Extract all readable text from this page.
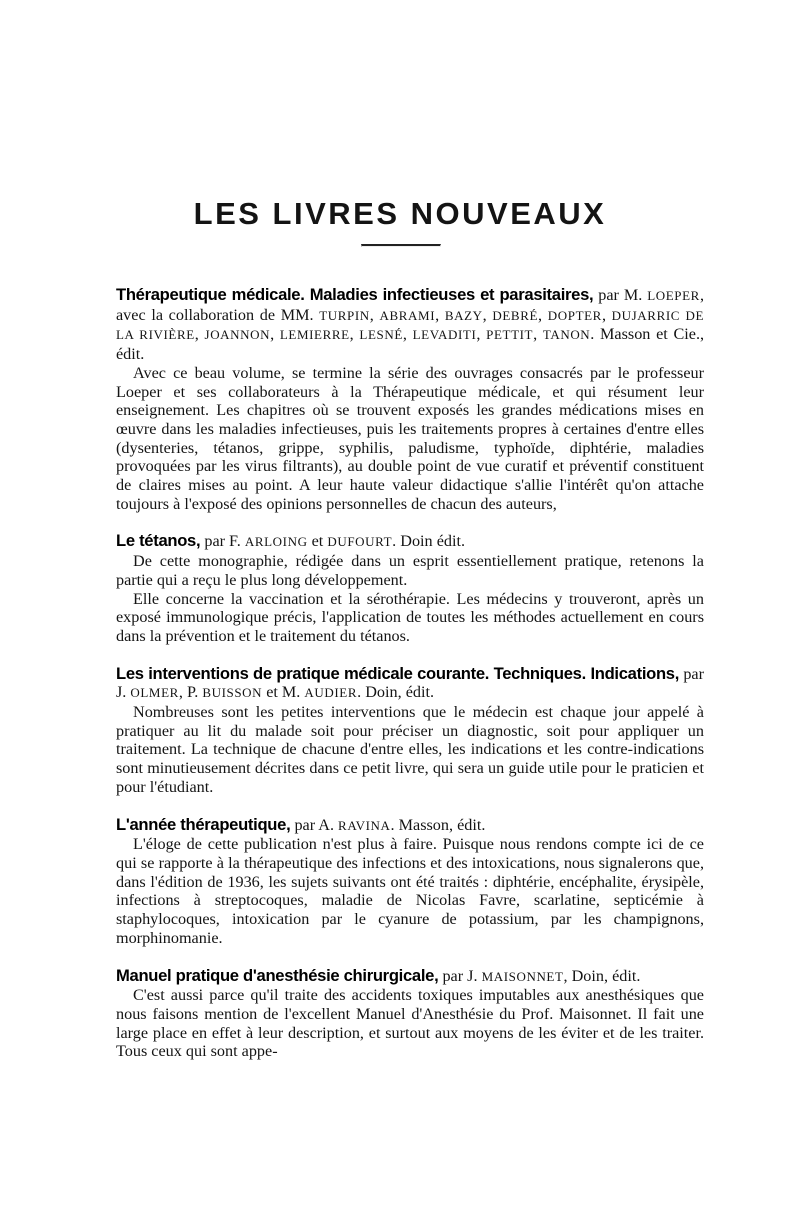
LES LIVRES NOUVEAUX

Thérapeutique médicale. Maladies infectieuses et parasitaires, par M. LOEPER, avec la collaboration de MM. TURPIN, ABRAMI, BAZY, DEBRÉ, DOPTER, DUJARRIC DE LA RIVIÈRE, JOANNON, LEMIERRE, LESNÉ, LEVADITI, PETTIT, TANON. Masson et Cie., édit.

Avec ce beau volume, se termine la série des ouvrages consacrés par le professeur Loeper et ses collaborateurs à la Thérapeutique médicale, et qui résument leur enseignement. Les chapitres où se trouvent exposés les grandes médications mises en œuvre dans les maladies infectieuses, puis les traitements propres à certaines d'entre elles (dysenteries, tétanos, grippe, syphilis, paludisme, typhoïde, diphtérie, maladies provoquées par les virus filtrants), au double point de vue curatif et préventif constituent de claires mises au point. A leur haute valeur didactique s'allie l'intérêt qu'on attache toujours à l'exposé des opinions personnelles de chacun des auteurs,

Le tétanos, par F. ARLOING et DUFOURT. Doin édit.

De cette monographie, rédigée dans un esprit essentiellement pratique, retenons la partie qui a reçu le plus long développement.

Elle concerne la vaccination et la sérothérapie. Les médecins y trouveront, après un exposé immunologique précis, l'application de toutes les méthodes actuellement en cours dans la prévention et le traitement du tétanos.

Les interventions de pratique médicale courante. Techniques. Indications, par J. OLMER, P. BUISSON et M. AUDIER. Doin, édit.

Nombreuses sont les petites interventions que le médecin est chaque jour appelé à pratiquer au lit du malade soit pour préciser un diagnostic, soit pour appliquer un traitement. La technique de chacune d'entre elles, les indications et les contre-indications sont minutieusement décrites dans ce petit livre, qui sera un guide utile pour le praticien et pour l'étudiant.

L'année thérapeutique, par A. RAVINA. Masson, édit.

L'éloge de cette publication n'est plus à faire. Puisque nous rendons compte ici de ce qui se rapporte à la thérapeutique des infections et des intoxications, nous signalerons que, dans l'édition de 1936, les sujets suivants ont été traités : diphtérie, encéphalite, érysipèle, infections à streptocoques, maladie de Nicolas Favre, scarlatine, septicémie à staphylocoques, intoxication par le cyanure de potassium, par les champignons, morphinomanie.

Manuel pratique d'anesthésie chirurgicale, par J. MAISONNET, Doin, édit.

C'est aussi parce qu'il traite des accidents toxiques imputables aux anesthésiques que nous faisons mention de l'excellent Manuel d'Anesthésie du Prof. Maisonnet. Il fait une large place en effet à leur description, et surtout aux moyens de les éviter et de les traiter. Tous ceux qui sont appe-
